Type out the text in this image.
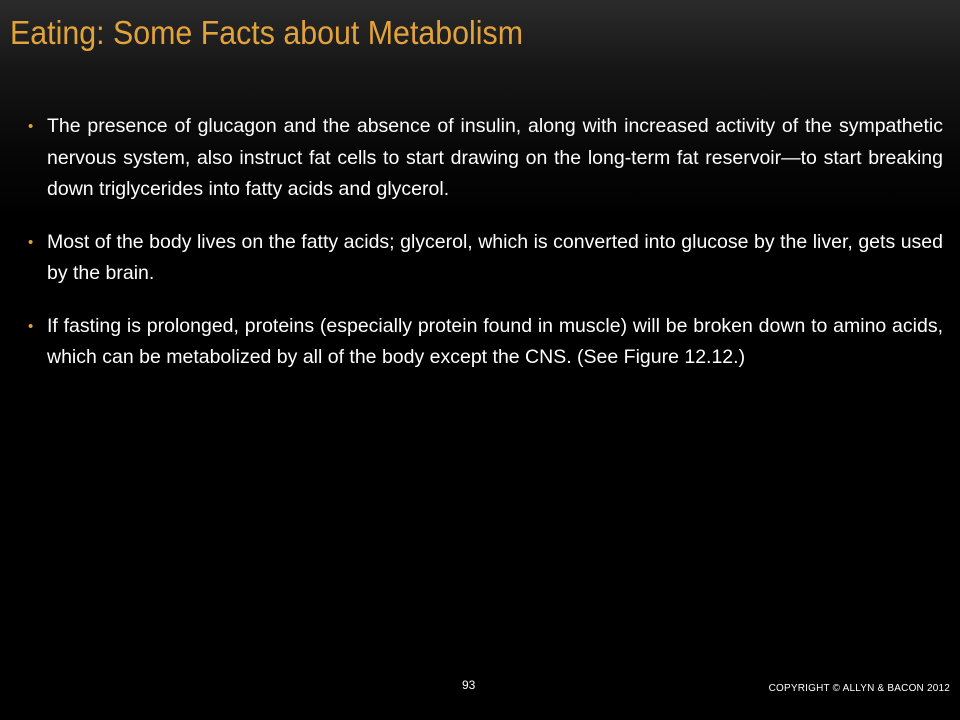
Eating: Some Facts about Metabolism
• The presence of glucagon and the absence of insulin, along with increased activity of the sympathetic nervous system, also instruct fat cells to start drawing on the long-term fat reservoir—to start breaking down triglycerides into fatty acids and glycerol.
• Most of the body lives on the fatty acids; glycerol, which is converted into glucose by the liver, gets used by the brain.
• If fasting is prolonged, proteins (especially protein found in muscle) will be broken down to amino acids, which can be metabolized by all of the body except the CNS. (See Figure 12.12.)
93	COPYRIGHT © ALLYN & BACON 2012
